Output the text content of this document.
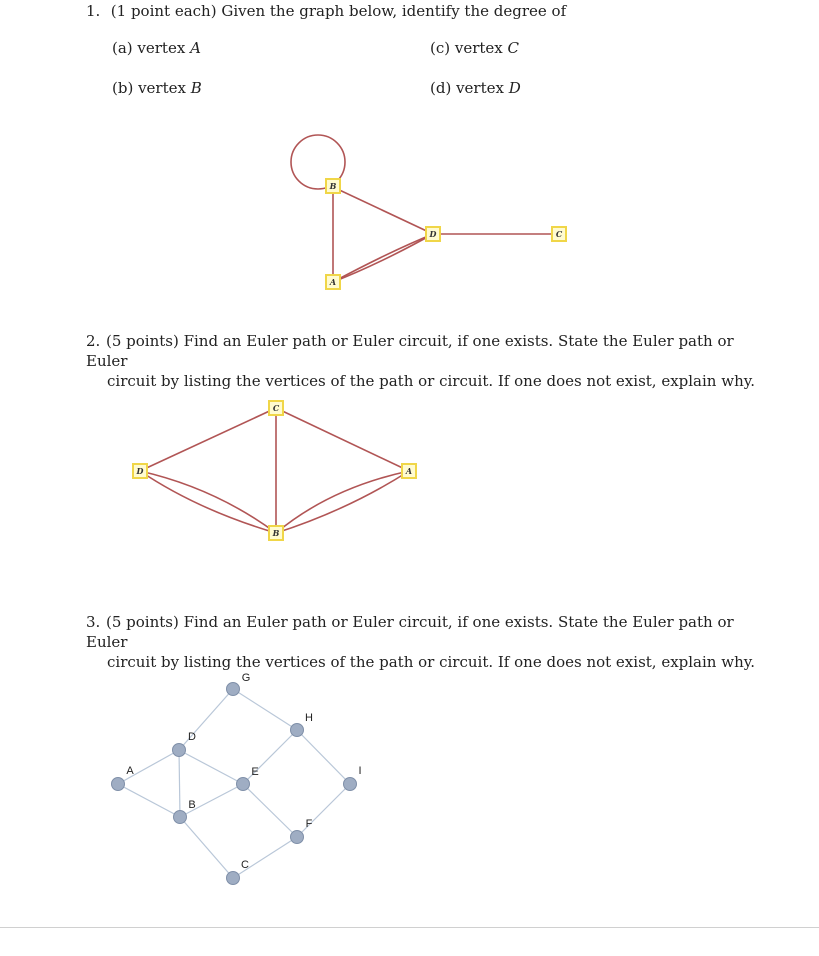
1. (1 point each) Given the graph below, identify the degree of
(a) vertex A
(b) vertex B
(c) vertex C
(d) vertex D
2. (5 points) Find an Euler path or Euler circuit, if one exists. State the Euler path or Euler
circuit by listing the vertices of the path or circuit. If one does not exist, explain why.
3. (5 points) Find an Euler path or Euler circuit, if one exists. State the Euler path or Euler
circuit by listing the vertices of the path or circuit. If one does not exist, explain why.
B
D	C
A
C
D	A
B
G
H
D
A	E	I
B
F
C
